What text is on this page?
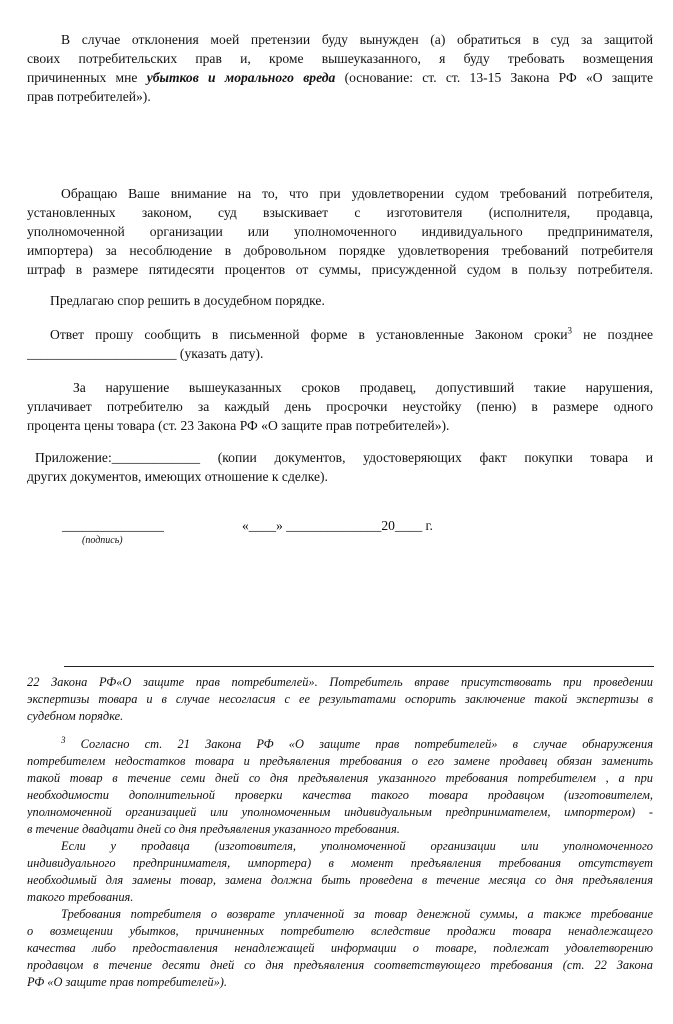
В случае отклонения моей претензии буду вынужден (а) обратиться в суд за защитой
своих потребительских прав и, кроме вышеуказанного, я буду требовать возмещения
причиненных мне убытков и морального вреда (основание: ст. ст. 13-15 Закона РФ «О защите
прав потребителей»).
Обращаю Ваше внимание на то, что при удовлетворении судом требований потребителя,
установленных законом, суд взыскивает с изготовителя (исполнителя, продавца,
уполномоченной организации или уполномоченного индивидуального предпринимателя,
импортера) за несоблюдение в добровольном порядке удовлетворения требований потребителя
штраф в размере пятидесяти процентов от суммы, присужденной судом в пользу потребителя.
Предлагаю спор решить в досудебном порядке.
Ответ прошу сообщить в письменной форме в установленные Законом сроки$^3$ не позднее
______________________ (указать дату).
За нарушение вышеуказанных сроков продавец, допустивший такие нарушения,
уплачивает потребителю за каждый день просрочки неустойку (пеню) в размере одного
процента цены товара (ст. 23 Закона РФ «О защите прав потребителей»).
Приложение:_____________ (копии документов, удостоверяющих факт покупки товара и
других документов, имеющих отношение к сделке).
_______________	«____» ______________20____ г.
(подпись)
22 Закона РФ«О защите прав потребителей». Потребитель вправе присутствовать при проведении
экспертизы товара и в случае несогласия с ее результатами оспорить заключение такой экспертизы в
судебном порядке.
$^3$ Согласно ст. 21 Закона РФ «О защите прав потребителей» в случае обнаружения
потребителем недостатков товара и предъявления требования о его замене продавец обязан заменить
такой товар в течение семи дней со дня предъявления указанного требования потребителем , а при
необходимости дополнительной проверки качества такого товара продавцом (изготовителем,
уполномоченной организацией или уполномоченным индивидуальным предпринимателем, импортером) -
в течение двадцати дней со дня предъявления указанного требования.
Если у продавца (изготовителя, уполномоченной организации или уполномоченного
индивидуального предпринимателя, импортера) в момент предъявления требования отсутствует
необходимый для замены товар, замена должна быть проведена в течение месяца со дня предъявления
такого требования.
Требования потребителя о возврате уплаченной за товар денежной суммы, а также требование
о возмещении убытков, причиненных потребителю вследствие продажи товара ненадлежащего
качества либо предоставления ненадлежащей информации о товаре, подлежат удовлетворению
продавцом в течение десяти дней со дня предъявления соответствующего требования (ст. 22 Закона
РФ «О защите прав потребителей»).
